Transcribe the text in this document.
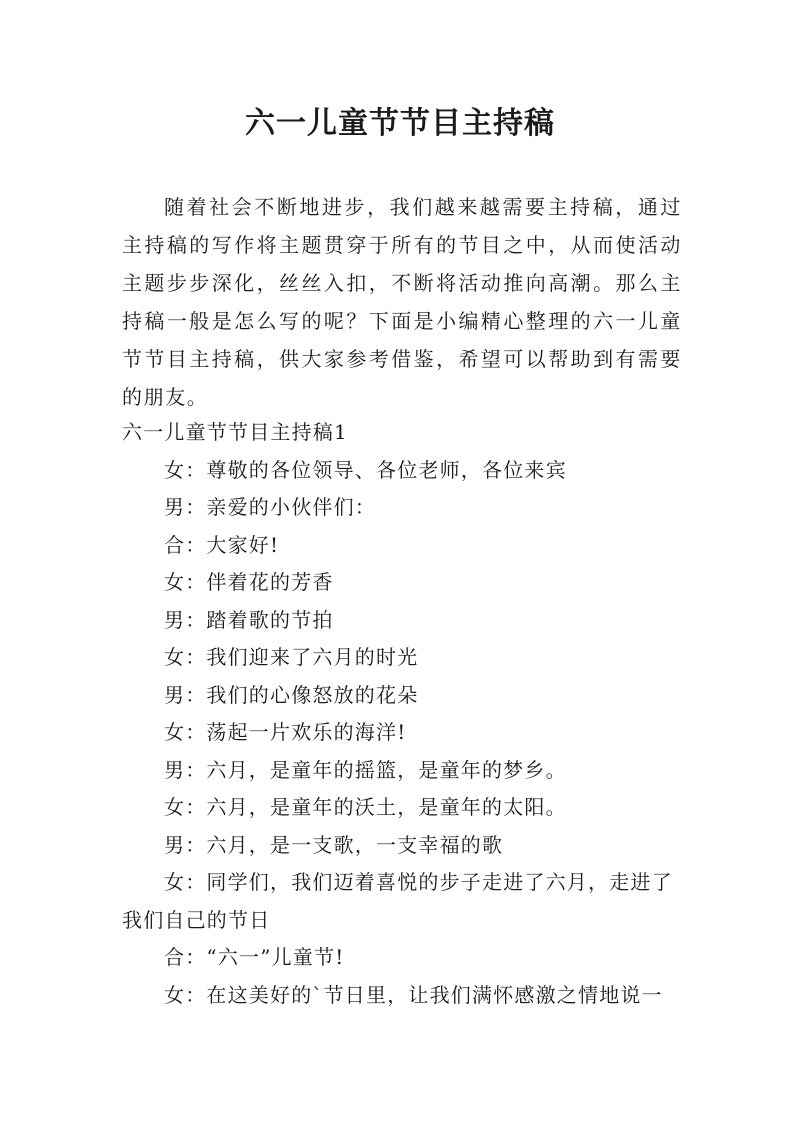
六一儿童节节目主持稿

随着社会不断地进步，我们越来越需要主持稿，通过主持稿的写作将主题贯穿于所有的节目之中，从而使活动主题步步深化，丝丝入扣，不断将活动推向高潮。那么主持稿一般是怎么写的呢？下面是小编精心整理的六一儿童节节目主持稿，供大家参考借鉴，希望可以帮助到有需要的朋友。

六一儿童节节目主持稿1

女：尊敬的各位领导、各位老师，各位来宾

男：亲爱的小伙伴们：

合：大家好!

女：伴着花的芳香

男：踏着歌的节拍

女：我们迎来了六月的时光

男：我们的心像怒放的花朵

女：荡起一片欢乐的海洋!

男：六月，是童年的摇篮，是童年的梦乡。

女：六月，是童年的沃土，是童年的太阳。

男：六月，是一支歌，一支幸福的歌

女：同学们，我们迈着喜悦的步子走进了六月，走进了我们自己的节日

合：“六一”儿童节!

女：在这美好的`节日里，让我们满怀感激之情地说一
